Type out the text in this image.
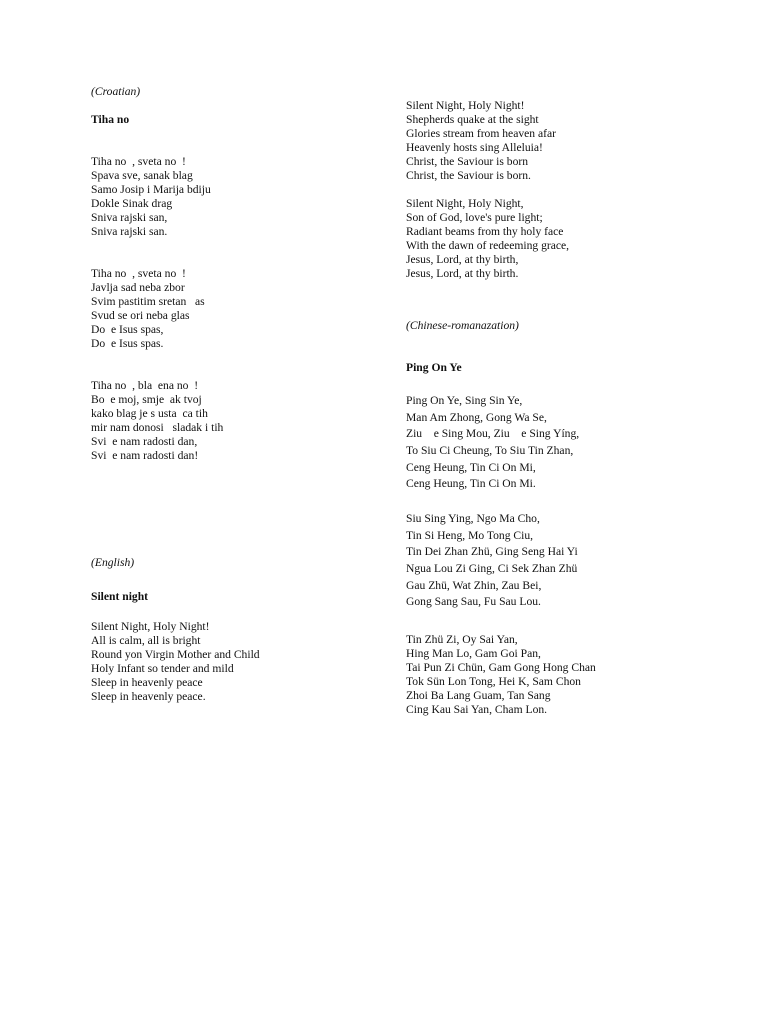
(Croatian)

Tiha no

Tiha no  , sveta no  !
Spava sve, sanak blag
Samo Josip i Marija bdiju
Dokle Sinak drag
Sniva rajski san,
Sniva rajski san.
Tiha no  , sveta no  !
Javlja sad neba zbor
Svim pastitim sretan   as
Svud se ori neba glas
Do  e Isus spas,
Do  e Isus spas.
Tiha no  , bla  ena no  !
Bo  e moj, smje  ak tvoj
kako blag je s usta  ca tih
mir nam donosi   sladak i tih
Svi  e nam radosti dan,
Svi  e nam radosti dan!

(English)

Silent night

Silent Night, Holy Night!
All is calm, all is bright
Round yon Virgin Mother and Child
Holy Infant so tender and mild
Sleep in heavenly peace
Sleep in heavenly peace.
Silent Night, Holy Night!
Shepherds quake at the sight
Glories stream from heaven afar
Heavenly hosts sing Alleluia!
Christ, the Saviour is born
Christ, the Saviour is born.
Silent Night, Holy Night,
Son of God, love's pure light;
Radiant beams from thy holy face
With the dawn of redeeming grace,
Jesus, Lord, at thy birth,
Jesus, Lord, at thy birth.

(Chinese-romanazation)

Ping On Ye

Ping On Ye, Sing Sin Ye,
Man Am Zhong, Gong Wa Se,
Ziu    e Sing Mou, Ziu    e Sing Yíng,
To Siu Ci Cheung, To Siu Tin Zhan,
Ceng Heung, Tin Ci On Mi,
Ceng Heung, Tin Ci On Mi.
Siu Sing Ying, Ngo Ma Cho,
Tin Si Heng, Mo Tong Ciu,
Tin Dei Zhan Zhü, Ging Seng Hai Yi
Ngua Lou Zi Ging, Ci Sek Zhan Zhü
Gau Zhü, Wat Zhin, Zau Bei,
Gong Sang Sau, Fu Sau Lou.
Tin Zhü Zi, Oy Sai Yan,
Hing Man Lo, Gam Goi Pan,
Tai Pun Zi Chün, Gam Gong Hong Chan
Tok Sün Lon Tong, Hei K, Sam Chon
Zhoi Ba Lang Guam, Tan Sang
Cing Kau Sai Yan, Cham Lon.
